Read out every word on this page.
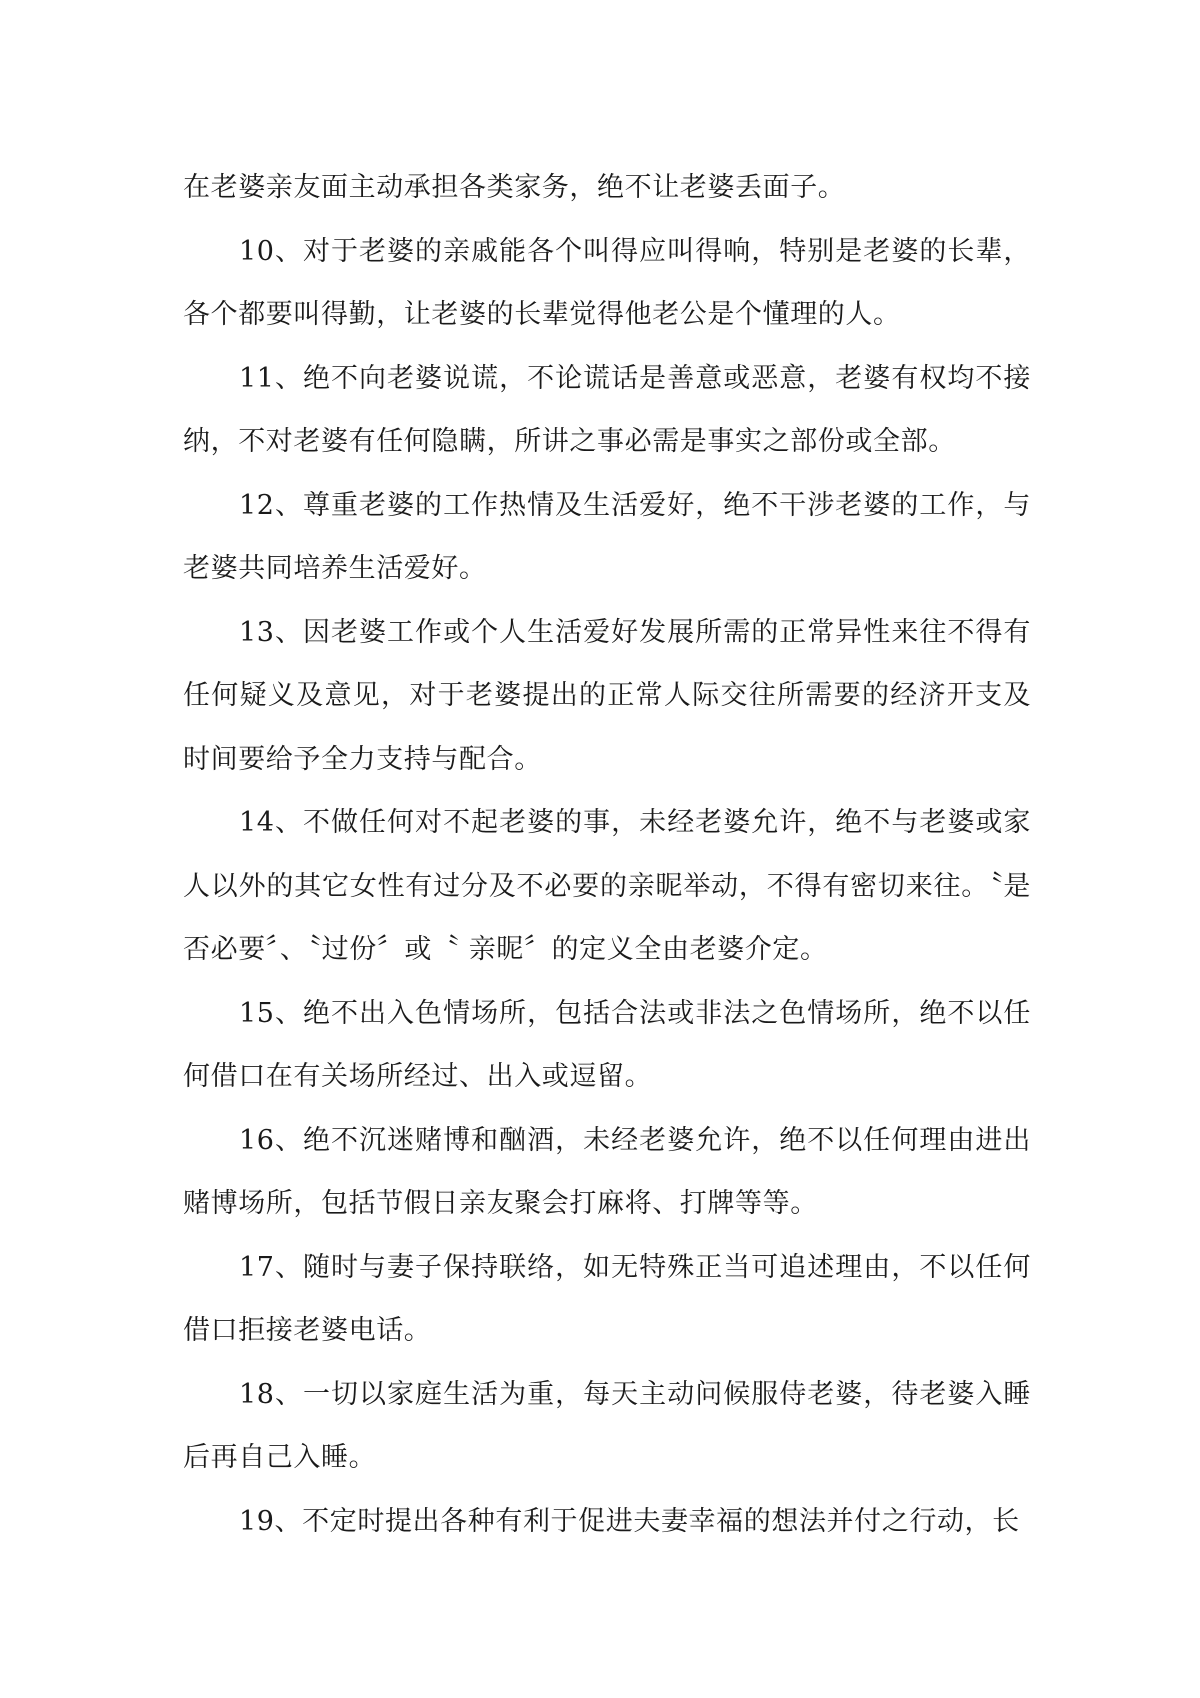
在老婆亲友面主动承担各类家务，绝不让老婆丢面子。

10、对于老婆的亲戚能各个叫得应叫得响，特别是老婆的长辈，各个都要叫得勤，让老婆的长辈觉得他老公是个懂理的人。

11、绝不向老婆说谎，不论谎话是善意或恶意，老婆有权均不接纳，不对老婆有任何隐瞒，所讲之事必需是事实之部份或全部。

12、尊重老婆的工作热情及生活爱好，绝不干涉老婆的工作，与老婆共同培养生活爱好。

13、因老婆工作或个人生活爱好发展所需的正常异性来往不得有任何疑义及意见，对于老婆提出的正常人际交往所需要的经济开支及时间要给予全力支持与配合。

14、不做任何对不起老婆的事，未经老婆允许，绝不与老婆或家人以外的其它女性有过分及不必要的亲昵举动，不得有密切来往。〝是否必要〞、〝过份〞或〝 亲昵〞的定义全由老婆介定。

15、绝不出入色情场所，包括合法或非法之色情场所，绝不以任何借口在有关场所经过、出入或逗留。

16、绝不沉迷赌博和酗酒，未经老婆允许，绝不以任何理由进出赌博场所，包括节假日亲友聚会打麻将、打牌等等。

17、随时与妻子保持联络，如无特殊正当可追述理由，不以任何借口拒接老婆电话。

18、一切以家庭生活为重，每天主动问候服侍老婆，待老婆入睡后再自己入睡。

19、不定时提出各种有利于促进夫妻幸福的想法并付之行动，长
